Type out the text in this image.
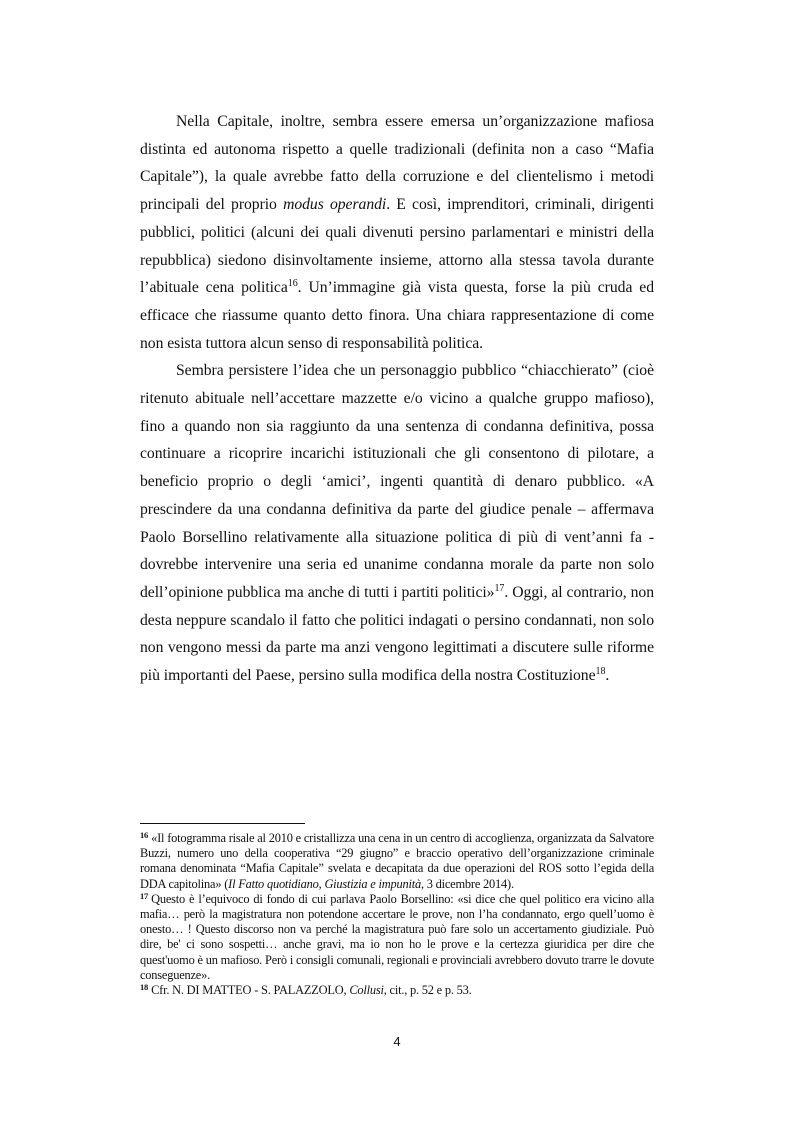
Nella Capitale, inoltre, sembra essere emersa un’organizzazione mafiosa distinta ed autonoma rispetto a quelle tradizionali (definita non a caso “Mafia Capitale”), la quale avrebbe fatto della corruzione e del clientelismo i metodi principali del proprio modus operandi. E così, imprenditori, criminali, dirigenti pubblici, politici (alcuni dei quali divenuti persino parlamentari e ministri della repubblica) siedono disinvoltamente insieme, attorno alla stessa tavola durante l’abituale cena politica$^{16}$. Un’immagine già vista questa, forse la più cruda ed efficace che riassume quanto detto finora. Una chiara rappresentazione di come non esista tuttora alcun senso di responsabilità politica.

Sembra persistere l’idea che un personaggio pubblico “chiacchierato” (cioè ritenuto abituale nell’accettare mazzette e/o vicino a qualche gruppo mafioso), fino a quando non sia raggiunto da una sentenza di condanna definitiva, possa continuare a ricoprire incarichi istituzionali che gli consentono di pilotare, a beneficio proprio o degli ‘amici’, ingenti quantità di denaro pubblico. «A prescindere da una condanna definitiva da parte del giudice penale – affermava Paolo Borsellino relativamente alla situazione politica di più di vent’anni fa - dovrebbe intervenire una seria ed unanime condanna morale da parte non solo dell’opinione pubblica ma anche di tutti i partiti politici»$^{17}$. Oggi, al contrario, non desta neppure scandalo il fatto che politici indagati o persino condannati, non solo non vengono messi da parte ma anzi vengono legittimati a discutere sulle riforme più importanti del Paese, persino sulla modifica della nostra Costituzione$^{18}$.

$^{16}$ «Il fotogramma risale al 2010 e cristallizza una cena in un centro di accoglienza, organizzata da Salvatore Buzzi, numero uno della cooperativa “29 giugno” e braccio operativo dell’organizzazione criminale romana denominata “Mafia Capitale” svelata e decapitata da due operazioni del ROS sotto l’egida della DDA capitolina» (Il Fatto quotidiano, Giustizia e impunità, 3 dicembre 2014).

$^{17}$ Questo è l’equivoco di fondo di cui parlava Paolo Borsellino: «si dice che quel politico era vicino alla mafia… però la magistratura non potendone accertare le prove, non l’ha condannato, ergo quell’uomo è onesto… ! Questo discorso non va perché la magistratura può fare solo un accertamento giudiziale. Può dire, be' ci sono sospetti… anche gravi, ma io non ho le prove e la certezza giuridica per dire che quest'uomo è un mafioso. Però i consigli comunali, regionali e provinciali avrebbero dovuto trarre le dovute conseguenze».

$^{18}$ Cfr. N. DI MATTEO - S. PALAZZOLO, Collusi, cit., p. 52 e p. 53.

4
